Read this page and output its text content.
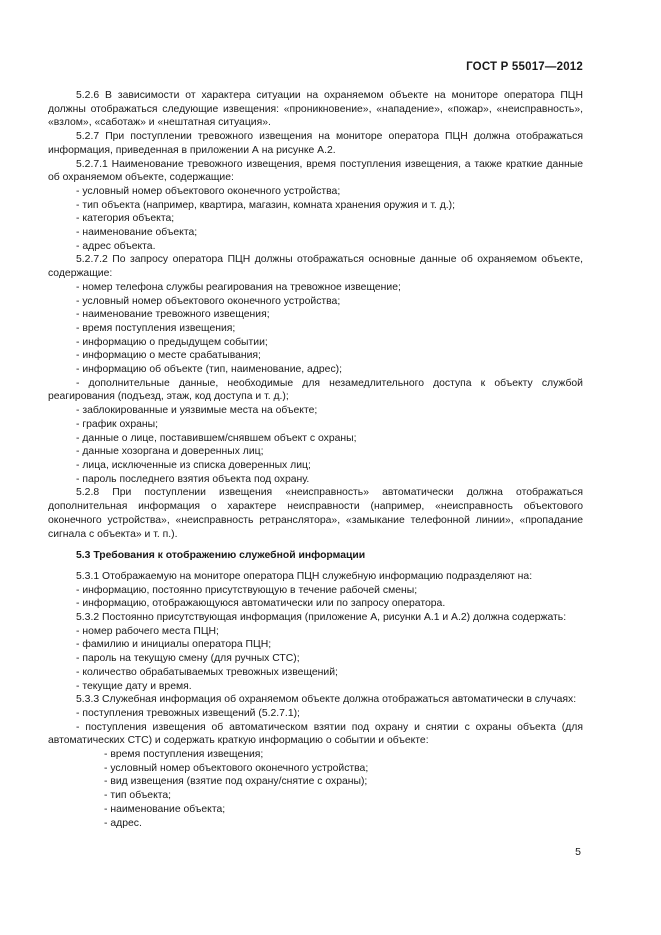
ГОСТ Р 55017—2012

5.2.6 В зависимости от характера ситуации на охраняемом объекте на мониторе оператора ПЦН должны отображаться следующие извещения: «проникновение», «нападение», «пожар», «неисправность», «взлом», «саботаж» и «нештатная ситуация».

5.2.7 При поступлении тревожного извещения на мониторе оператора ПЦН должна отображаться информация, приведенная в приложении А на рисунке А.2.

5.2.7.1 Наименование тревожного извещения, время поступления извещения, а также краткие данные об охраняемом объекте, содержащие:

- условный номер объектового оконечного устройства;

- тип объекта (например, квартира, магазин, комната хранения оружия и т. д.);

- категория объекта;

- наименование объекта;

- адрес объекта.

5.2.7.2 По запросу оператора ПЦН должны отображаться основные данные об охраняемом объекте, содержащие:

- номер телефона службы реагирования на тревожное извещение;

- условный номер объектового оконечного устройства;

- наименование тревожного извещения;

- время поступления извещения;

- информацию о предыдущем событии;

- информацию о месте срабатывания;

- информацию об объекте (тип, наименование, адрес);

- дополнительные данные, необходимые для незамедлительного доступа к объекту службой реагирования (подъезд, этаж, код доступа и т. д.);

- заблокированные и уязвимые места на объекте;

- график охраны;

- данные о лице, поставившем/снявшем объект с охраны;

- данные хозоргана и доверенных лиц;

- лица, исключенные из списка доверенных лиц;

- пароль последнего взятия объекта под охрану.

5.2.8 При поступлении извещения «неисправность» автоматически должна отображаться дополнительная информация о характере неисправности (например, «неисправность объектового оконечного устройства», «неисправность ретранслятора», «замыкание телефонной линии», «пропадание сигнала с объекта» и т. п.).

5.3 Требования к отображению служебной информации

5.3.1 Отображаемую на мониторе оператора ПЦН служебную информацию подразделяют на:

- информацию, постоянно присутствующую в течение рабочей смены;

- информацию, отображающуюся автоматически или по запросу оператора.

5.3.2 Постоянно присутствующая информация (приложение А, рисунки А.1 и А.2) должна содержать:

- номер рабочего места ПЦН;

- фамилию и инициалы оператора ПЦН;

- пароль на текущую смену (для ручных СТС);

- количество обрабатываемых тревожных извещений;

- текущие дату и время.

5.3.3 Служебная информация об охраняемом объекте должна отображаться автоматически в случаях:

- поступления тревожных извещений (5.2.7.1);

- поступления извещения об автоматическом взятии под охрану и снятии с охраны объекта (для автоматических СТС) и содержать краткую информацию о событии и объекте:

- время поступления извещения;

- условный номер объектового оконечного устройства;

- вид извещения (взятие под охрану/снятие с охраны);

- тип объекта;

- наименование объекта;

- адрес.

5
